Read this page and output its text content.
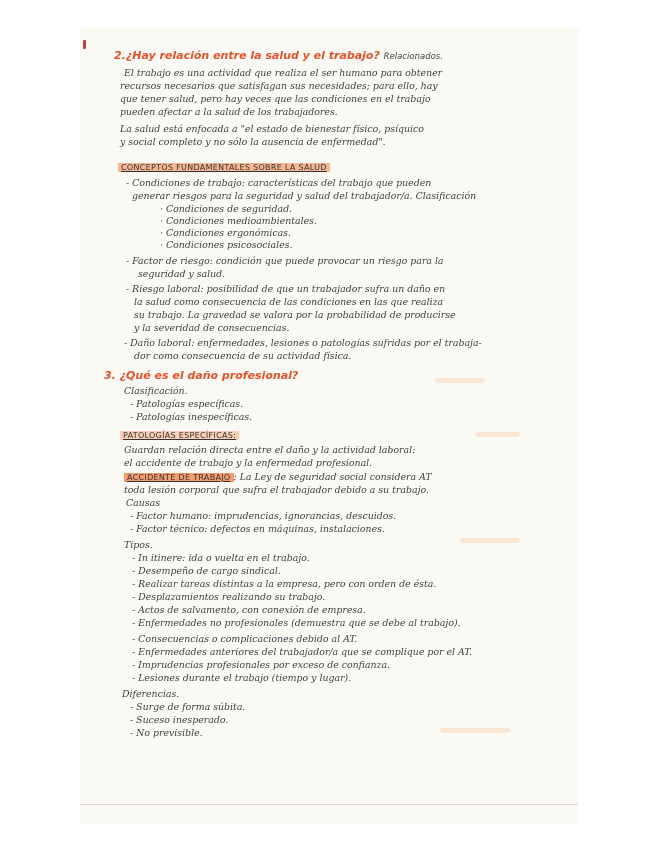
2.¿Hay relación entre la salud y el trabajo? Relacionados.
El trabajo es una actividad que realiza el ser humano para obtener
recursos necesarios que satisfagan sus necesidades; para ello, hay
que tener salud, pero hay veces que las condiciones en el trabajo
pueden afectar a la salud de los trabajadores.
La salud está enfocada a "el estado de bienestar físico, psíquico
y social completo y no sólo la ausencia de enfermedad".
CONCEPTOS FUNDAMENTALES SOBRE LA SALUD
- Condiciones de trabajo: características del trabajo que pueden
generar riesgos para la seguridad y salud del trabajador/a. Clasificación
· Condiciones de seguridad.
· Condiciones medioambientales.
· Condiciones ergonómicas.
· Condiciones psicosociales.
- Factor de riesgo: condición que puede provocar un riesgo para la
seguridad y salud.
- Riesgo laboral: posibilidad de que un trabajador sufra un daño en
la salud como consecuencia de las condiciones en las que realiza
su trabajo. La gravedad se valora por la probabilidad de producirse
y la severidad de consecuencias.
- Daño laboral: enfermedades, lesiones o patologías sufridas por el trabaja-
dor como consecuencia de su actividad física.
3. ¿Qué es el daño profesional?
Clasificación.
- Patologías específicas.
- Patologías inespecíficas.
PATOLOGÍAS ESPECÍFICAS:
Guardan relación directa entre el daño y la actividad laboral:
el accidente de trabajo y la enfermedad profesional.
ACCIDENTE DE TRABAJO : La Ley de seguridad social considera AT
toda lesión corporal que sufra el trabajador debido a su trabajo.
Causas
- Factor humano: imprudencias, ignorancias, descuidos.
- Factor técnico: defectos en máquinas, instalaciones.
Tipos.
- In itinere: ida o vuelta en el trabajo.
- Desempeño de cargo sindical.
- Realizar tareas distintas a la empresa, pero con orden de ésta.
- Desplazamientos realizando su trabajo.
- Actos de salvamento, con conexión de empresa.
- Enfermedades no profesionales (demuestra que se debe al trabajo).
- Consecuencias o complicaciones debido al AT.
- Enfermedades anteriores del trabajador/a que se complique por el AT.
- Imprudencias profesionales por exceso de confianza.
- Lesiones durante el trabajo (tiempo y lugar).
Diferencias.
- Surge de forma súbita.
- Suceso inesperado.
- No previsible.
